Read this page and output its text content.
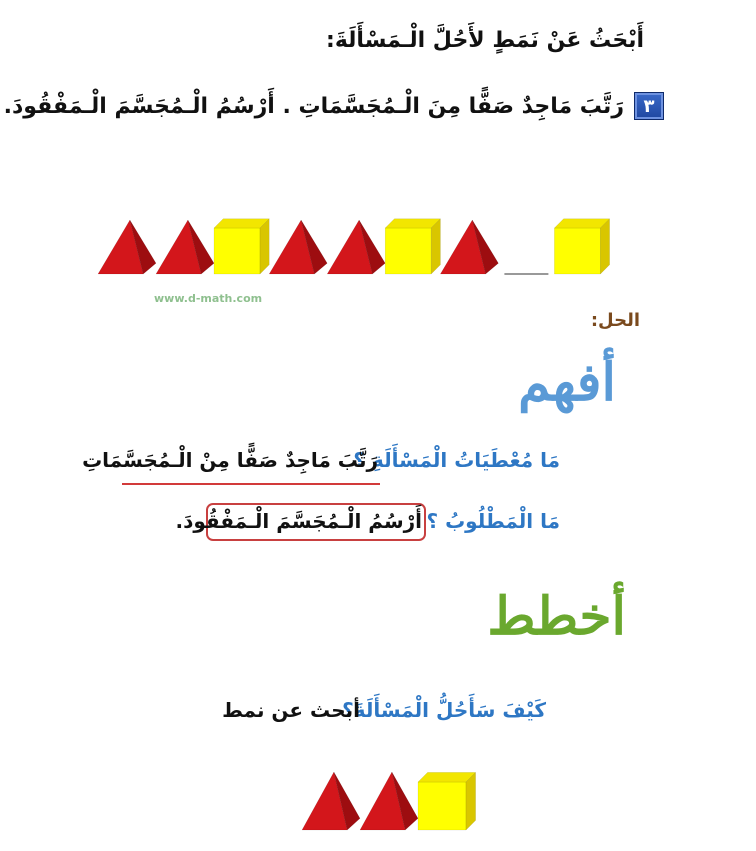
أَبْحَثُ عَنْ نَمَطٍ لأَحُلَّ الْـمَسْأَلَةَ:
٣
رَتَّبَ مَاجِدٌ صَفًّا مِنَ الْـمُجَسَّمَاتِ . أَرْسُمُ الْـمُجَسَّمَ الْـمَفْقُودَ.
www.d-math.com
الحل:
أفهم
مَا مُعْطَيَاتُ الْمَسْأَلَةِ ؟
رَتَّبَ مَاجِدٌ صَفًّا مِنْ الْـمُجَسَّمَاتِ
مَا الْمَطْلُوبُ ؟
أَرْسُمُ الْـمُجَسَّمَ الْـمَفْقُودَ.
أخطط
كَيْفَ سَأَحُلُّ الْمَسْأَلَةَ؟
أبحث عن نمط
